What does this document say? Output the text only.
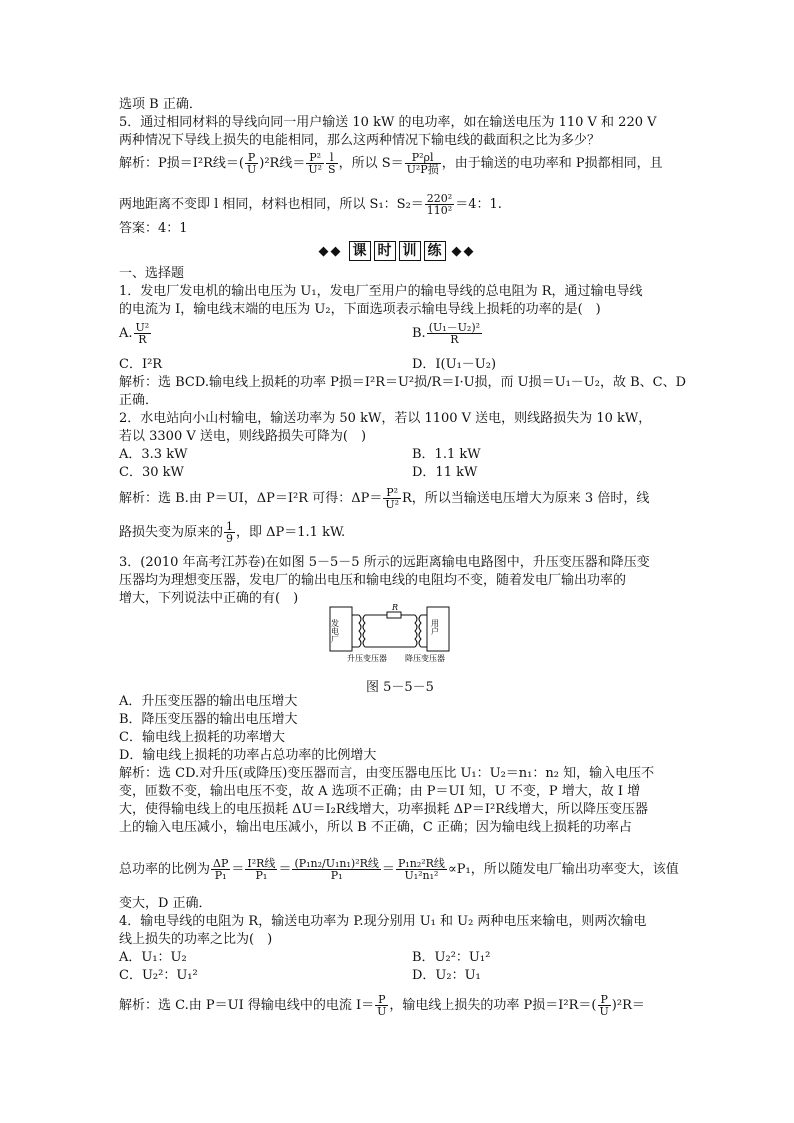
选项 B 正确．
5．通过相同材料的导线向同一用户输送 10 kW 的电功率，如在输送电压为 110 V 和 220 V
两种情况下导线上损失的电能相同，那么这两种情况下输电线的截面积之比为多少？
解析：P损＝I²R线＝( $\frac{P}{U} )^2R$线＝ $\frac{\text{P²}}{\text{U²}} \frac{l}{S}$ ，所以 $S= \frac{\text{P²ρl}}{\text{U²P损}}$ ，由于输送的电功率和 P损都相同，且
两地距离不变即 l 相同，材料也相同，所以 S₁：$S_2= \frac{\text{220²}}{\text{110²}} =4$：1.
答案：4：1
◆◆ 课 时 训 练 ◆◆
一、选择题
1．发电厂发电机的输出电压为 U₁，发电厂至用户的输电导线的总电阻为 R，通过输电导线
的电流为 I，输电线末端的电压为 U₂，下面选项表示输电导线上损耗的功率的是(　)
A. $\frac{\text{U²}}{R}$	B. $\frac{\text{(U₁－U₂)²}}{R}$
C．I²R	D．I(U₁－U₂)
解析：选 BCD.输电线上损耗的功率 P损＝I²R＝U²损/R＝I·U损，而 U损＝U₁－U₂，故 B、C、D
正确．
2．水电站向小山村输电，输送功率为 50 kW，若以 1100 V 送电，则线路损失为 10 kW，
若以 3300 V 送电，则线路损失可降为(　)
A．3.3 kW	B．1.1 kW
C．30 kW	D．11 kW
解析：选 B.由 P＝UI，ΔP＝I²R 可得：$\Delta P= \frac{\text{P²}}{\text{U²}}$ R，所以当输送电压增大为原来 3 倍时，线
路损失变为原来的 $\frac{1}{9}$ ，即 ΔP＝1.1 kW.
3．(2010 年高考江苏卷)在如图 5－5－5 所示的远距离输电电路图中，升压变压器和降压变
压器均为理想变压器，发电厂的输出电压和输电线的电阻均不变，随着发电厂输出功率的
增大，下列说法中正确的有(　)
R
发电厂	用户
升压变压器 降压变压器
图 5－5－5
A．升压变压器的输出电压增大
B．降压变压器的输出电压增大
C．输电线上损耗的功率增大
D．输电线上损耗的功率占总功率的比例增大
解析：选 CD.对升压(或降压)变压器而言，由变压器电压比 U₁：U₂＝n₁：n₂ 知，输入电压不
变，匝数不变，输出电压不变，故 A 选项不正确；由 P＝UI 知，U 不变，P 增大，故 I 增
大，使得输电线上的电压损耗 ΔU＝I₂R线增大，功率损耗 ΔP＝I²R线增大，所以降压变压器
上的输入电压减小，输出电压减小，所以 B 不正确，C 正确；因为输电线上损耗的功率占
总功率的比例为 $\frac{\Delta P}{\text{P₁}} = \frac{\text{I²R线}}{\text{P₁}} = \frac{\text{(P₁n₂/U₁n₁)²R线}}{\text{P₁}} = \frac{\text{P₁n₂²R线}}{\text{U₁²n₁²}} \propto P_1$，所以随发电厂输出功率变大，该值
变大，D 正确．
4．输电导线的电阻为 R，输送电功率为 P.现分别用 U₁ 和 U₂ 两种电压来输电，则两次输电
线上损失的功率之比为(　)
A．U₁：U₂	B．U₂²：U₁²
C．U₂²：U₁²	D．U₂：U₁
解析：选 C.由 P＝UI 得输电线中的电流 $I= \frac{P}{U}$ ，输电线上损失的功率 P损$=I^2R=( \frac{P}{U} )^2R=$
